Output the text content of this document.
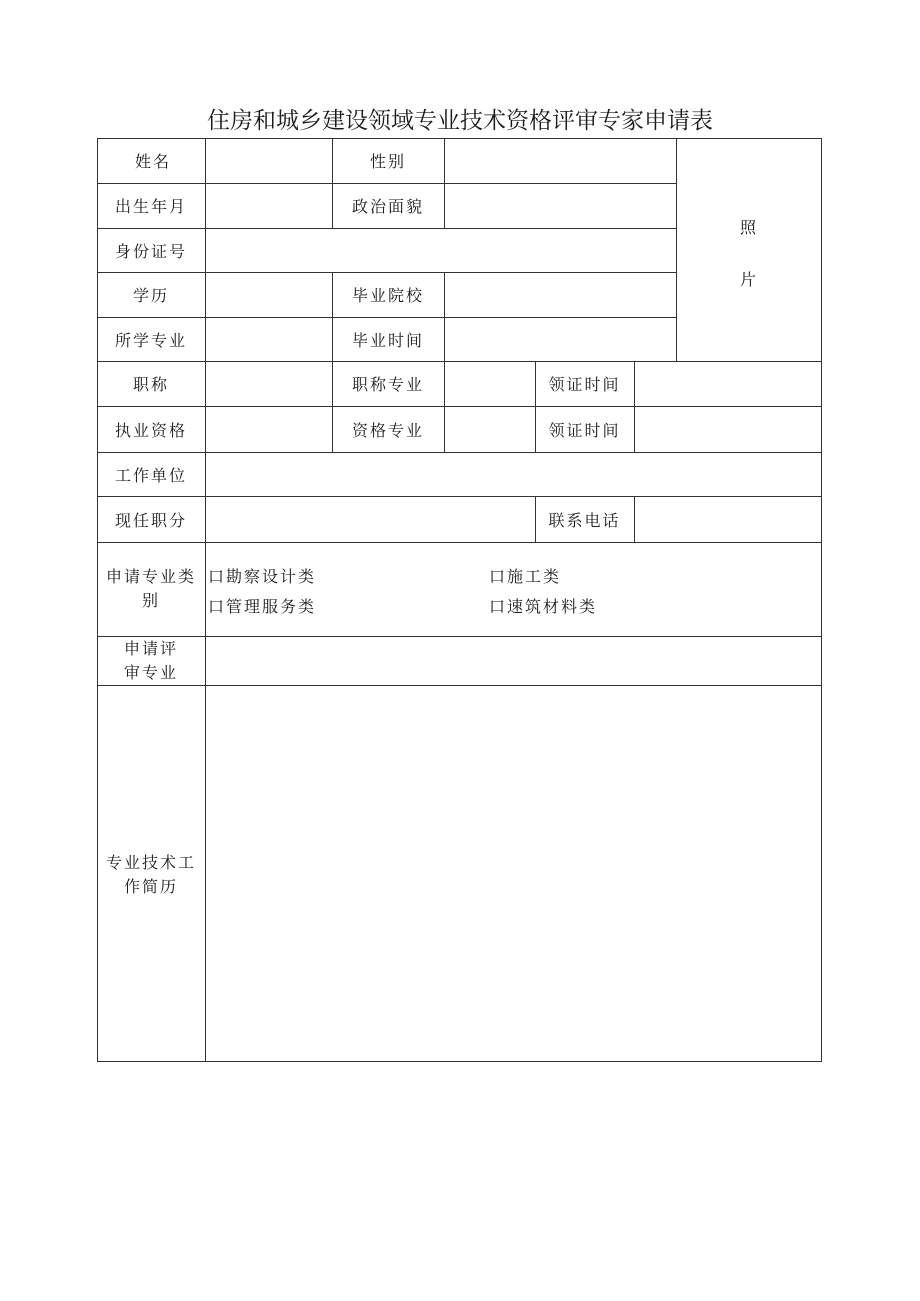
住房和城乡建设领域专业技术资格评审专家申请表
姓名	性别
出生年月	政治面貌
身份证号
学历	毕业院校
所学专业	毕业时间
照
片
职称	职称专业	领证时间
执业资格	资格专业	领证时间
工作单位
现任职分	联系电话
申请专业类
别
口勘察设计类	口施工类
口管理服务类	口速筑材料类
申请评
审专业
专业技术工
作简历
